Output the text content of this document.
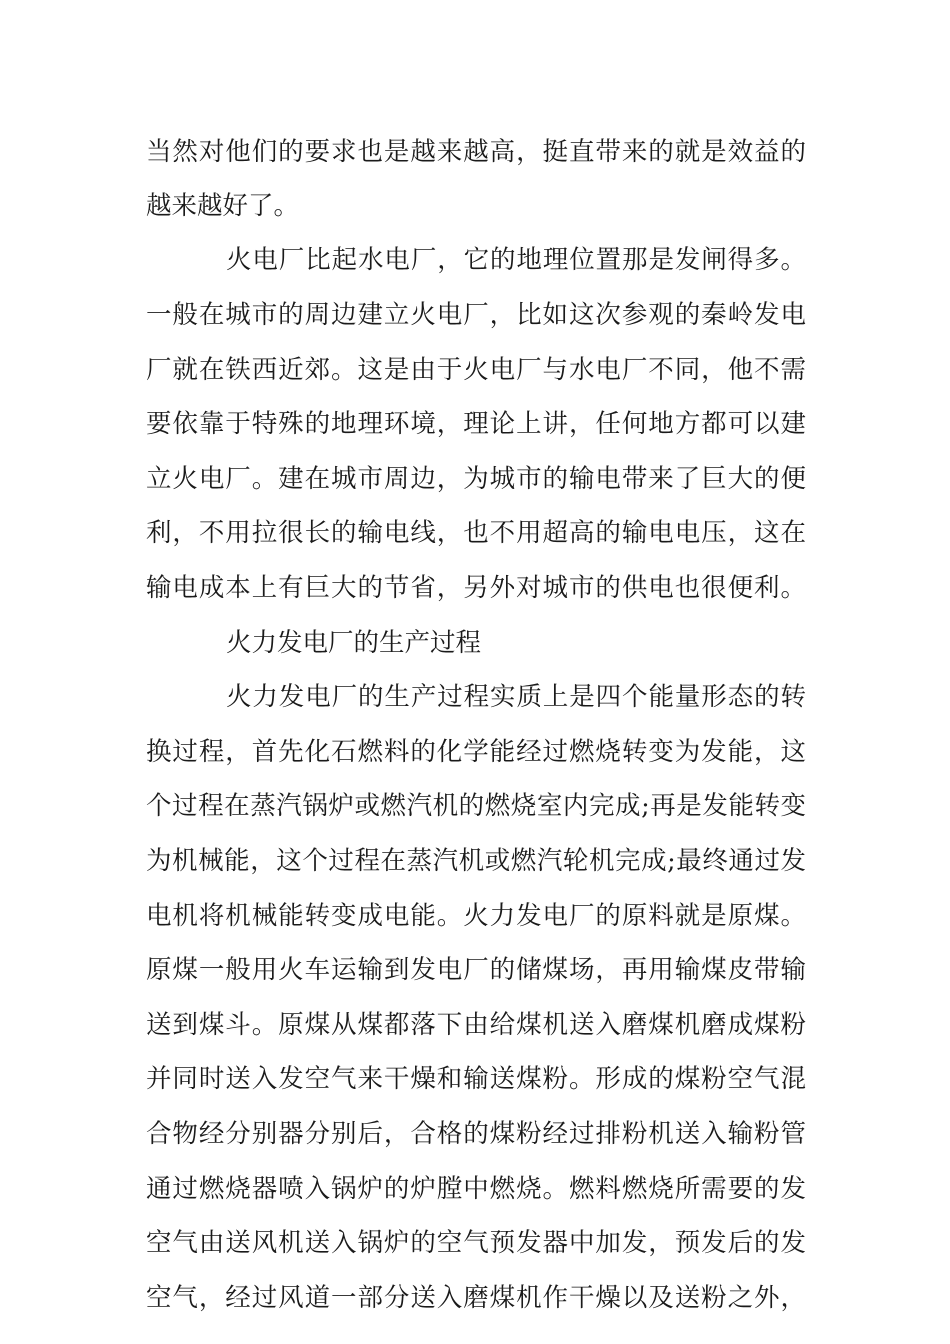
当然对他们的要求也是越来越高，挺直带来的就是效益的
越来越好了。
火电厂比起水电厂，它的地理位置那是发闸得多。
一般在城市的周边建立火电厂，比如这次参观的秦岭发电
厂就在铁西近郊。这是由于火电厂与水电厂不同，他不需
要依靠于特殊的地理环境，理论上讲，任何地方都可以建
立火电厂。建在城市周边，为城市的输电带来了巨大的便
利，不用拉很长的输电线，也不用超高的输电电压，这在
输电成本上有巨大的节省，另外对城市的供电也很便利。
火力发电厂的生产过程
火力发电厂的生产过程实质上是四个能量形态的转
换过程，首先化石燃料的化学能经过燃烧转变为发能，这
个过程在蒸汽锅炉或燃汽机的燃烧室内完成;再是发能转变
为机械能，这个过程在蒸汽机或燃汽轮机完成;最终通过发
电机将机械能转变成电能。火力发电厂的原料就是原煤。
原煤一般用火车运输到发电厂的储煤场，再用输煤皮带输
送到煤斗。原煤从煤都落下由给煤机送入磨煤机磨成煤粉
并同时送入发空气来干燥和输送煤粉。形成的煤粉空气混
合物经分别器分别后，合格的煤粉经过排粉机送入输粉管
通过燃烧器喷入锅炉的炉膛中燃烧。燃料燃烧所需要的发
空气由送风机送入锅炉的空气预发器中加发，预发后的发
空气，经过风道一部分送入磨煤机作干燥以及送粉之外，
